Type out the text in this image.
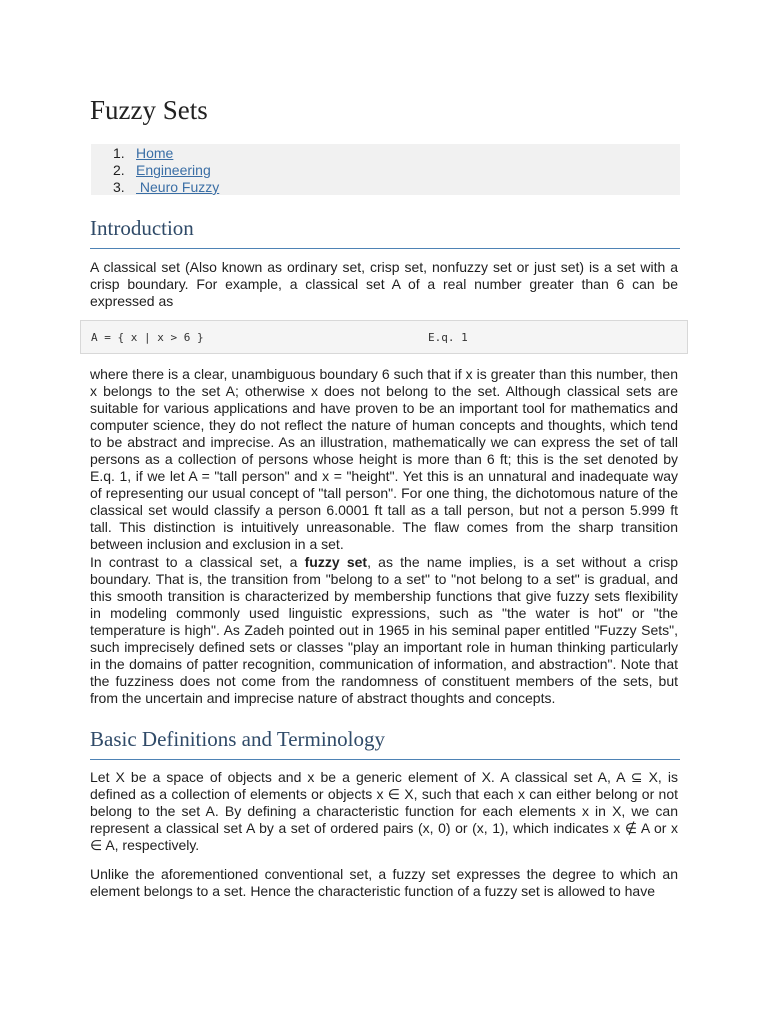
Fuzzy Sets
1. Home
2. Engineering
3. Neuro Fuzzy
Introduction

A classical set (Also known as ordinary set, crisp set, nonfuzzy set or just set) is a set with a crisp boundary. For example, a classical set A of a real number greater than 6 can be expressed as

A = { x | x > 6 }	E.q. 1
where there is a clear, unambiguous boundary 6 such that if x is greater than this number, then x belongs to the set A; otherwise x does not belong to the set. Although classical sets are suitable for various applications and have proven to be an important tool for mathematics and computer science, they do not reflect the nature of human concepts and thoughts, which tend to be abstract and imprecise. As an illustration, mathematically we can express the set of tall persons as a collection of persons whose height is more than 6 ft; this is the set denoted by E.q. 1, if we let A = "tall person" and x = "height". Yet this is an unnatural and inadequate way of representing our usual concept of "tall person". For one thing, the dichotomous nature of the classical set would classify a person 6.0001 ft tall as a tall person, but not a person 5.999 ft tall. This distinction is intuitively unreasonable. The flaw comes from the sharp transition between inclusion and exclusion in a set.
In contrast to a classical set, a fuzzy set, as the name implies, is a set without a crisp boundary. That is, the transition from "belong to a set" to "not belong to a set" is gradual, and this smooth transition is characterized by membership functions that give fuzzy sets flexibility in modeling commonly used linguistic expressions, such as "the water is hot" or "the temperature is high". As Zadeh pointed out in 1965 in his seminal paper entitled "Fuzzy Sets", such imprecisely defined sets or classes "play an important role in human thinking particularly in the domains of patter recognition, communication of information, and abstraction". Note that the fuzziness does not come from the randomness of constituent members of the sets, but from the uncertain and imprecise nature of abstract thoughts and concepts.
Basic Definitions and Terminology

Let X be a space of objects and x be a generic element of X. A classical set A, A ⊆ X, is defined as a collection of elements or objects x ∈ X, such that each x can either belong or not belong to the set A. By defining a characteristic function for each elements x in X, we can represent a classical set A by a set of ordered pairs (x, 0) or (x, 1), which indicates x ∉ A or x ∈ A, respectively.

Unlike the aforementioned conventional set, a fuzzy set expresses the degree to which an element belongs to a set. Hence the characteristic function of a fuzzy set is allowed to have
